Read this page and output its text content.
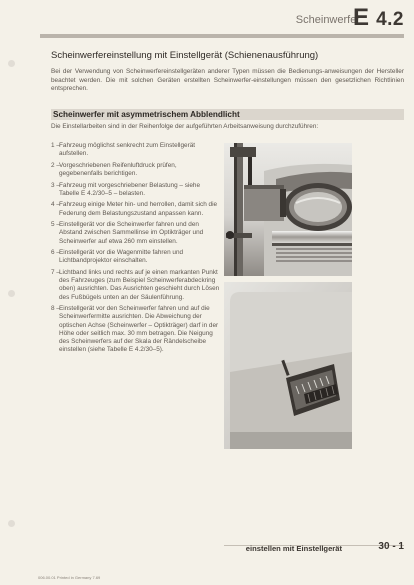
Scheinwerfer
E 4.2
Scheinwerfereinstellung mit Einstellgerät (Schienenausführung)
Bei der Verwendung von Scheinwerfereinstellgeräten anderer Typen müssen die Bedienungs-anweisungen der Hersteller beachtet werden. Die mit solchen Geräten erstellten Scheinwerfer-einstellungen müssen den gesetzlichen Richtlinien entsprechen.
Scheinwerfer mit asymmetrischem Abblendlicht
Die Einstellarbeiten sind in der Reihenfolge der aufgeführten Arbeitsanweisung durchzuführen:
1 – Fahrzeug möglichst senkrecht zum Einstellgerät aufstellen.
2 – Vorgeschriebenen Reifenluftdruck prüfen, gegebenenfalls berichtigen.
3 – Fahrzeug mit vorgeschriebener Belastung – siehe Tabelle E 4.2/30–5 – belasten.
4 – Fahrzeug einige Meter hin- und herrollen, damit sich die Federung dem Belastungszustand anpassen kann.
5 – Einstellgerät vor die Scheinwerfer fahren und den Abstand zwischen Sammellinse im Optikträger und Scheinwerfer auf etwa 260 mm einstellen.
6 – Einstellgerät vor die Wagenmitte fahren und Lichtbandprojektor einschalten.
7 – Lichtband links und rechts auf je einen markanten Punkt des Fahrzeuges (zum Beispiel Scheinwerferabdeckring oben) ausrichten. Das Ausrichten geschieht durch Lösen des Fußbügels unten an der Säulenführung.
8 – Einstellgerät vor den Scheinwerfer fahren und auf die Scheinwerfermitte ausrichten. Die Abweichung der optischen Achse (Scheinwerfer – Optikträger) darf in der Höhe oder seitlich max. 30 mm betragen. Die Neigung des Scheinwerfers auf der Skala der Rändelscheibe einstellen (siehe Tabelle E 4.2/30–5).
einstellen mit Einstellgerät	30 - 1
006.00.01 Printed in Germany 7.69
